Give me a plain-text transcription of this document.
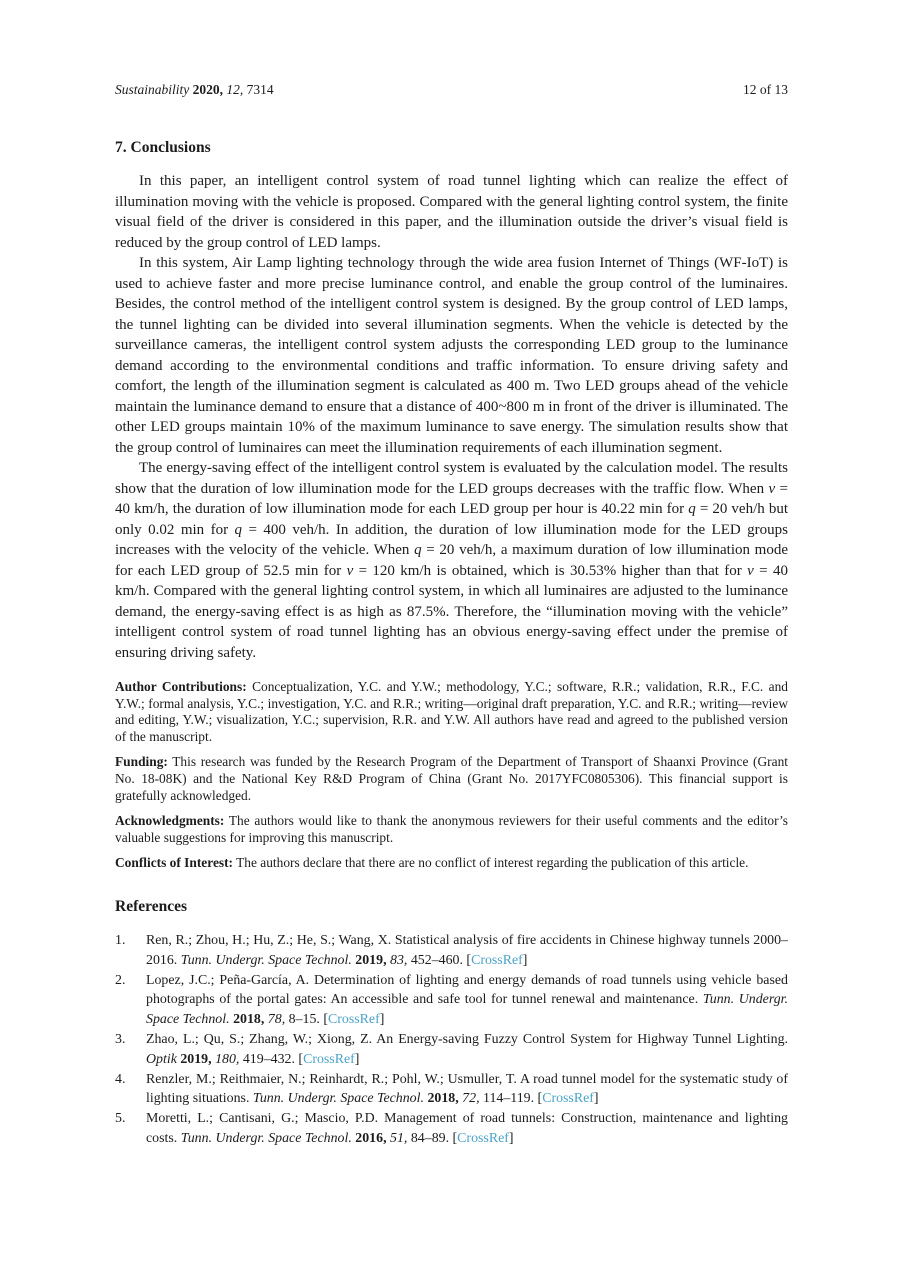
Sustainability 2020, 12, 7314	12 of 13
7. Conclusions

In this paper, an intelligent control system of road tunnel lighting which can realize the effect of illumination moving with the vehicle is proposed. Compared with the general lighting control system, the finite visual field of the driver is considered in this paper, and the illumination outside the driver’s visual field is reduced by the group control of LED lamps.

In this system, Air Lamp lighting technology through the wide area fusion Internet of Things (WF-IoT) is used to achieve faster and more precise luminance control, and enable the group control of the luminaires. Besides, the control method of the intelligent control system is designed. By the group control of LED lamps, the tunnel lighting can be divided into several illumination segments. When the vehicle is detected by the surveillance cameras, the intelligent control system adjusts the corresponding LED group to the luminance demand according to the environmental conditions and traffic information. To ensure driving safety and comfort, the length of the illumination segment is calculated as 400 m. Two LED groups ahead of the vehicle maintain the luminance demand to ensure that a distance of 400~800 m in front of the driver is illuminated. The other LED groups maintain 10% of the maximum luminance to save energy. The simulation results show that the group control of luminaires can meet the illumination requirements of each illumination segment.

The energy-saving effect of the intelligent control system is evaluated by the calculation model. The results show that the duration of low illumination mode for the LED groups decreases with the traffic flow. When v = 40 km/h, the duration of low illumination mode for each LED group per hour is 40.22 min for q = 20 veh/h but only 0.02 min for q = 400 veh/h. In addition, the duration of low illumination mode for the LED groups increases with the velocity of the vehicle. When q = 20 veh/h, a maximum duration of low illumination mode for each LED group of 52.5 min for v = 120 km/h is obtained, which is 30.53% higher than that for v = 40 km/h. Compared with the general lighting control system, in which all luminaires are adjusted to the luminance demand, the energy-saving effect is as high as 87.5%. Therefore, the “illumination moving with the vehicle” intelligent control system of road tunnel lighting has an obvious energy-saving effect under the premise of ensuring driving safety.

Author Contributions: Conceptualization, Y.C. and Y.W.; methodology, Y.C.; software, R.R.; validation, R.R., F.C. and Y.W.; formal analysis, Y.C.; investigation, Y.C. and R.R.; writing—original draft preparation, Y.C. and R.R.; writing—review and editing, Y.W.; visualization, Y.C.; supervision, R.R. and Y.W. All authors have read and agreed to the published version of the manuscript.

Funding: This research was funded by the Research Program of the Department of Transport of Shaanxi Province (Grant No. 18-08K) and the National Key R&D Program of China (Grant No. 2017YFC0805306). This financial support is gratefully acknowledged.

Acknowledgments: The authors would like to thank the anonymous reviewers for their useful comments and the editor’s valuable suggestions for improving this manuscript.

Conflicts of Interest: The authors declare that there are no conflict of interest regarding the publication of this article.

References
1.	Ren, R.; Zhou, H.; Hu, Z.; He, S.; Wang, X. Statistical analysis of fire accidents in Chinese highway tunnels 2000–2016. Tunn. Undergr. Space Technol. 2019, 83, 452–460. [CrossRef]
2.	Lopez, J.C.; Peña-García, A. Determination of lighting and energy demands of road tunnels using vehicle based photographs of the portal gates: An accessible and safe tool for tunnel renewal and maintenance. Tunn. Undergr. Space Technol. 2018, 78, 8–15. [CrossRef]
3.	Zhao, L.; Qu, S.; Zhang, W.; Xiong, Z. An Energy-saving Fuzzy Control System for Highway Tunnel Lighting. Optik 2019, 180, 419–432. [CrossRef]
4.	Renzler, M.; Reithmaier, N.; Reinhardt, R.; Pohl, W.; Usmuller, T. A road tunnel model for the systematic study of lighting situations. Tunn. Undergr. Space Technol. 2018, 72, 114–119. [CrossRef]
5.	Moretti, L.; Cantisani, G.; Mascio, P.D. Management of road tunnels: Construction, maintenance and lighting costs. Tunn. Undergr. Space Technol. 2016, 51, 84–89. [CrossRef]
